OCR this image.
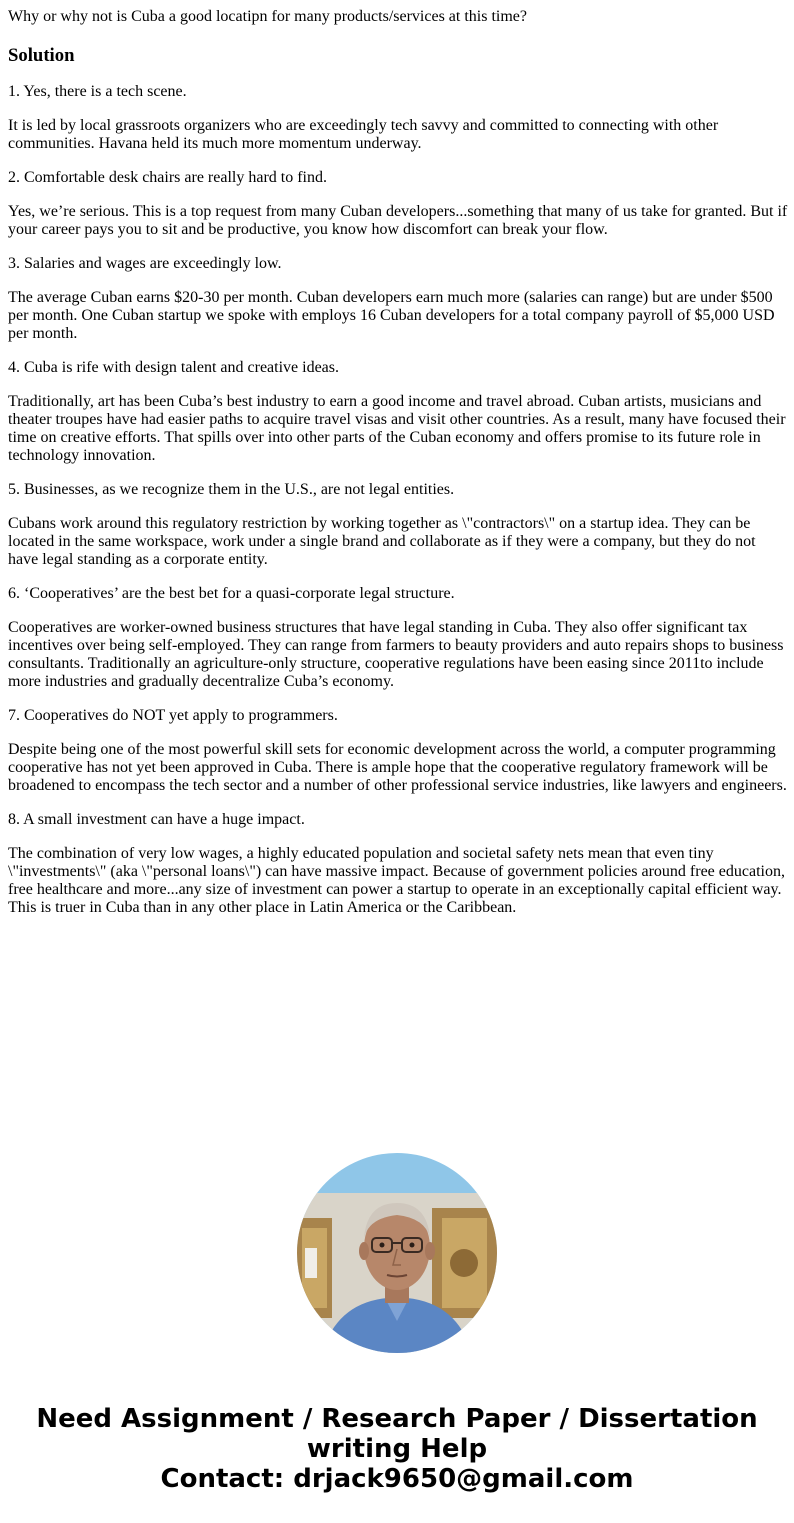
Why or why not is Cuba a good locatipn for many products/services at this time?

Solution

1. Yes, there is a tech scene.

It is led by local grassroots organizers who are exceedingly tech savvy and committed to connecting with other communities. Havana held its much more momentum underway.

2. Comfortable desk chairs are really hard to find.

Yes, we’re serious. This is a top request from many Cuban developers...something that many of us take for granted. But if your career pays you to sit and be productive, you know how discomfort can break your flow.

3. Salaries and wages are exceedingly low.

The average Cuban earns $20-30 per month. Cuban developers earn much more (salaries can range) but are under $500 per month. One Cuban startup we spoke with employs 16 Cuban developers for a total company payroll of $5,000 USD per month.

4. Cuba is rife with design talent and creative ideas.

Traditionally, art has been Cuba’s best industry to earn a good income and travel abroad. Cuban artists, musicians and theater troupes have had easier paths to acquire travel visas and visit other countries. As a result, many have focused their time on creative efforts. That spills over into other parts of the Cuban economy and offers promise to its future role in technology innovation.

5. Businesses, as we recognize them in the U.S., are not legal entities.

Cubans work around this regulatory restriction by working together as \"contractors\" on a startup idea. They can be located in the same workspace, work under a single brand and collaborate as if they were a company, but they do not have legal standing as a corporate entity.

6. ‘Cooperatives’ are the best bet for a quasi-corporate legal structure.

Cooperatives are worker-owned business structures that have legal standing in Cuba. They also offer significant tax incentives over being self-employed. They can range from farmers to beauty providers and auto repairs shops to business consultants. Traditionally an agriculture-only structure, cooperative regulations have been easing since 2011to include more industries and gradually decentralize Cuba’s economy.

7. Cooperatives do NOT yet apply to programmers.

Despite being one of the most powerful skill sets for economic development across the world, a computer programming cooperative has not yet been approved in Cuba. There is ample hope that the cooperative regulatory framework will be broadened to encompass the tech sector and a number of other professional service industries, like lawyers and engineers.

8. A small investment can have a huge impact.

The combination of very low wages, a highly educated population and societal safety nets mean that even tiny \"investments\" (aka \"personal loans\") can have massive impact. Because of government policies around free education, free healthcare and more...any size of investment can power a startup to operate in an exceptionally capital efficient way. This is truer in Cuba than in any other place in Latin America or the Caribbean.

Need Assignment / Research Paper / Dissertation
writing Help
Contact: drjack9650@gmail.com
